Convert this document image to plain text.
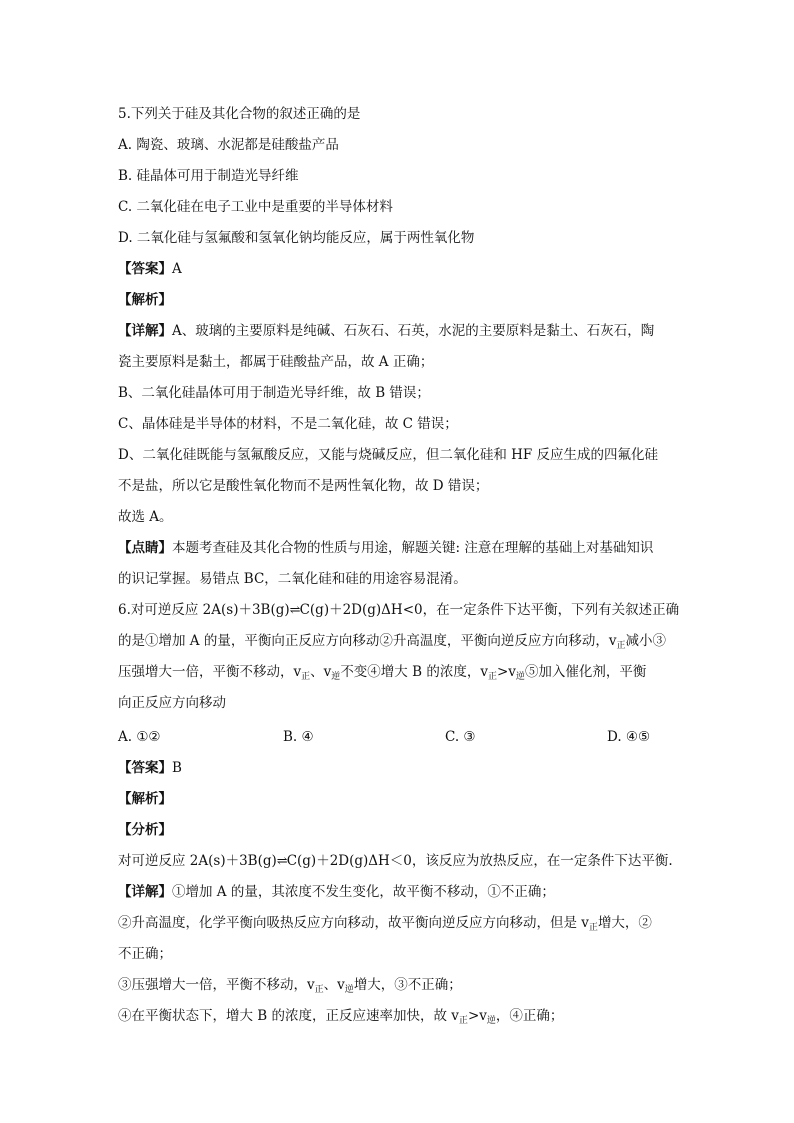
5.下列关于硅及其化合物的叙述正确的是
A. 陶瓷、玻璃、水泥都是硅酸盐产品
B. 硅晶体可用于制造光导纤维
C. 二氧化硅在电子工业中是重要的半导体材料
D. 二氧化硅与氢氟酸和氢氧化钠均能反应，属于两性氧化物
【答案】A
【解析】
【详解】A、玻璃的主要原料是纯碱、石灰石、石英，水泥的主要原料是黏土、石灰石，陶
瓷主要原料是黏土，都属于硅酸盐产品，故 A 正确；
B、二氧化硅晶体可用于制造光导纤维，故 B 错误；
C、晶体硅是半导体的材料，不是二氧化硅，故 C 错误；
D、二氧化硅既能与氢氟酸反应，又能与烧碱反应，但二氧化硅和 HF 反应生成的四氟化硅
不是盐，所以它是酸性氧化物而不是两性氧化物，故 D 错误；
故选 A。
【点睛】本题考查硅及其化合物的性质与用途，解题关键: 注意在理解的基础上对基础知识
的识记掌握。易错点 BC，二氧化硅和硅的用途容易混淆。
6.对可逆反应 2A(s)＋3B(g)⇌C(g)＋2D(g)ΔH<0，在一定条件下达平衡，下列有关叙述正确
的是①增加 A 的量，平衡向正反应方向移动②升高温度，平衡向逆反应方向移动，$v_正$减小③
压强增大一倍，平衡不移动，$v_正$、$v_逆$不变④增大 B 的浓度，$v_正>v_逆⑤$加入催化剂，平衡
向正反应方向移动
A. ①②	B. ④	C. ③	D. ④⑤
【答案】B
【解析】
【分析】
对可逆反应 2A(s)＋3B(g)⇌C(g)＋2D(g)ΔH＜0，该反应为放热反应，在一定条件下达平衡.
【详解】①增加 A 的量，其浓度不发生变化，故平衡不移动，①不正确；
②升高温度，化学平衡向吸热反应方向移动，故平衡向逆反应方向移动，但是 $v_正$增大，②
不正确；
③压强增大一倍，平衡不移动，$v_正$、$v_逆$增大，③不正确；
④在平衡状态下，增大 B 的浓度，正反应速率加快，故 $v_正>v_逆$，④正确；
